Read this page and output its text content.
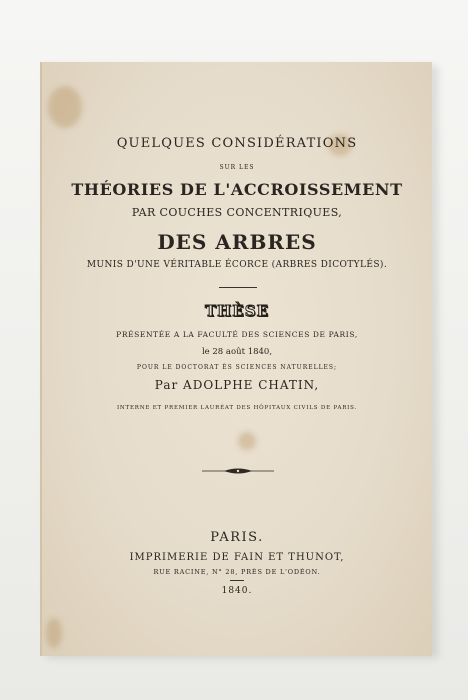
QUELQUES CONSIDÉRATIONS
SUR LES
THÉORIES DE L'ACCROISSEMENT
PAR COUCHES CONCENTRIQUES,
DES ARBRES
MUNIS D'UNE VÉRITABLE ÉCORCE (ARBRES DICOTYLÉS).
THÈSE
PRÉSENTÉE A LA FACULTÉ DES SCIENCES DE PARIS,
le 28 août 1840,
POUR LE DOCTORAT ÈS SCIENCES NATURELLES;
Par ADOLPHE CHATIN,
INTERNE ET PREMIER LAURÉAT DES HÔPITAUX CIVILS DE PARIS.
PARIS.
IMPRIMERIE DE FAIN ET THUNOT,
RUE RACINE, N° 28, PRÈS DE L'ODÉON.
1840.
